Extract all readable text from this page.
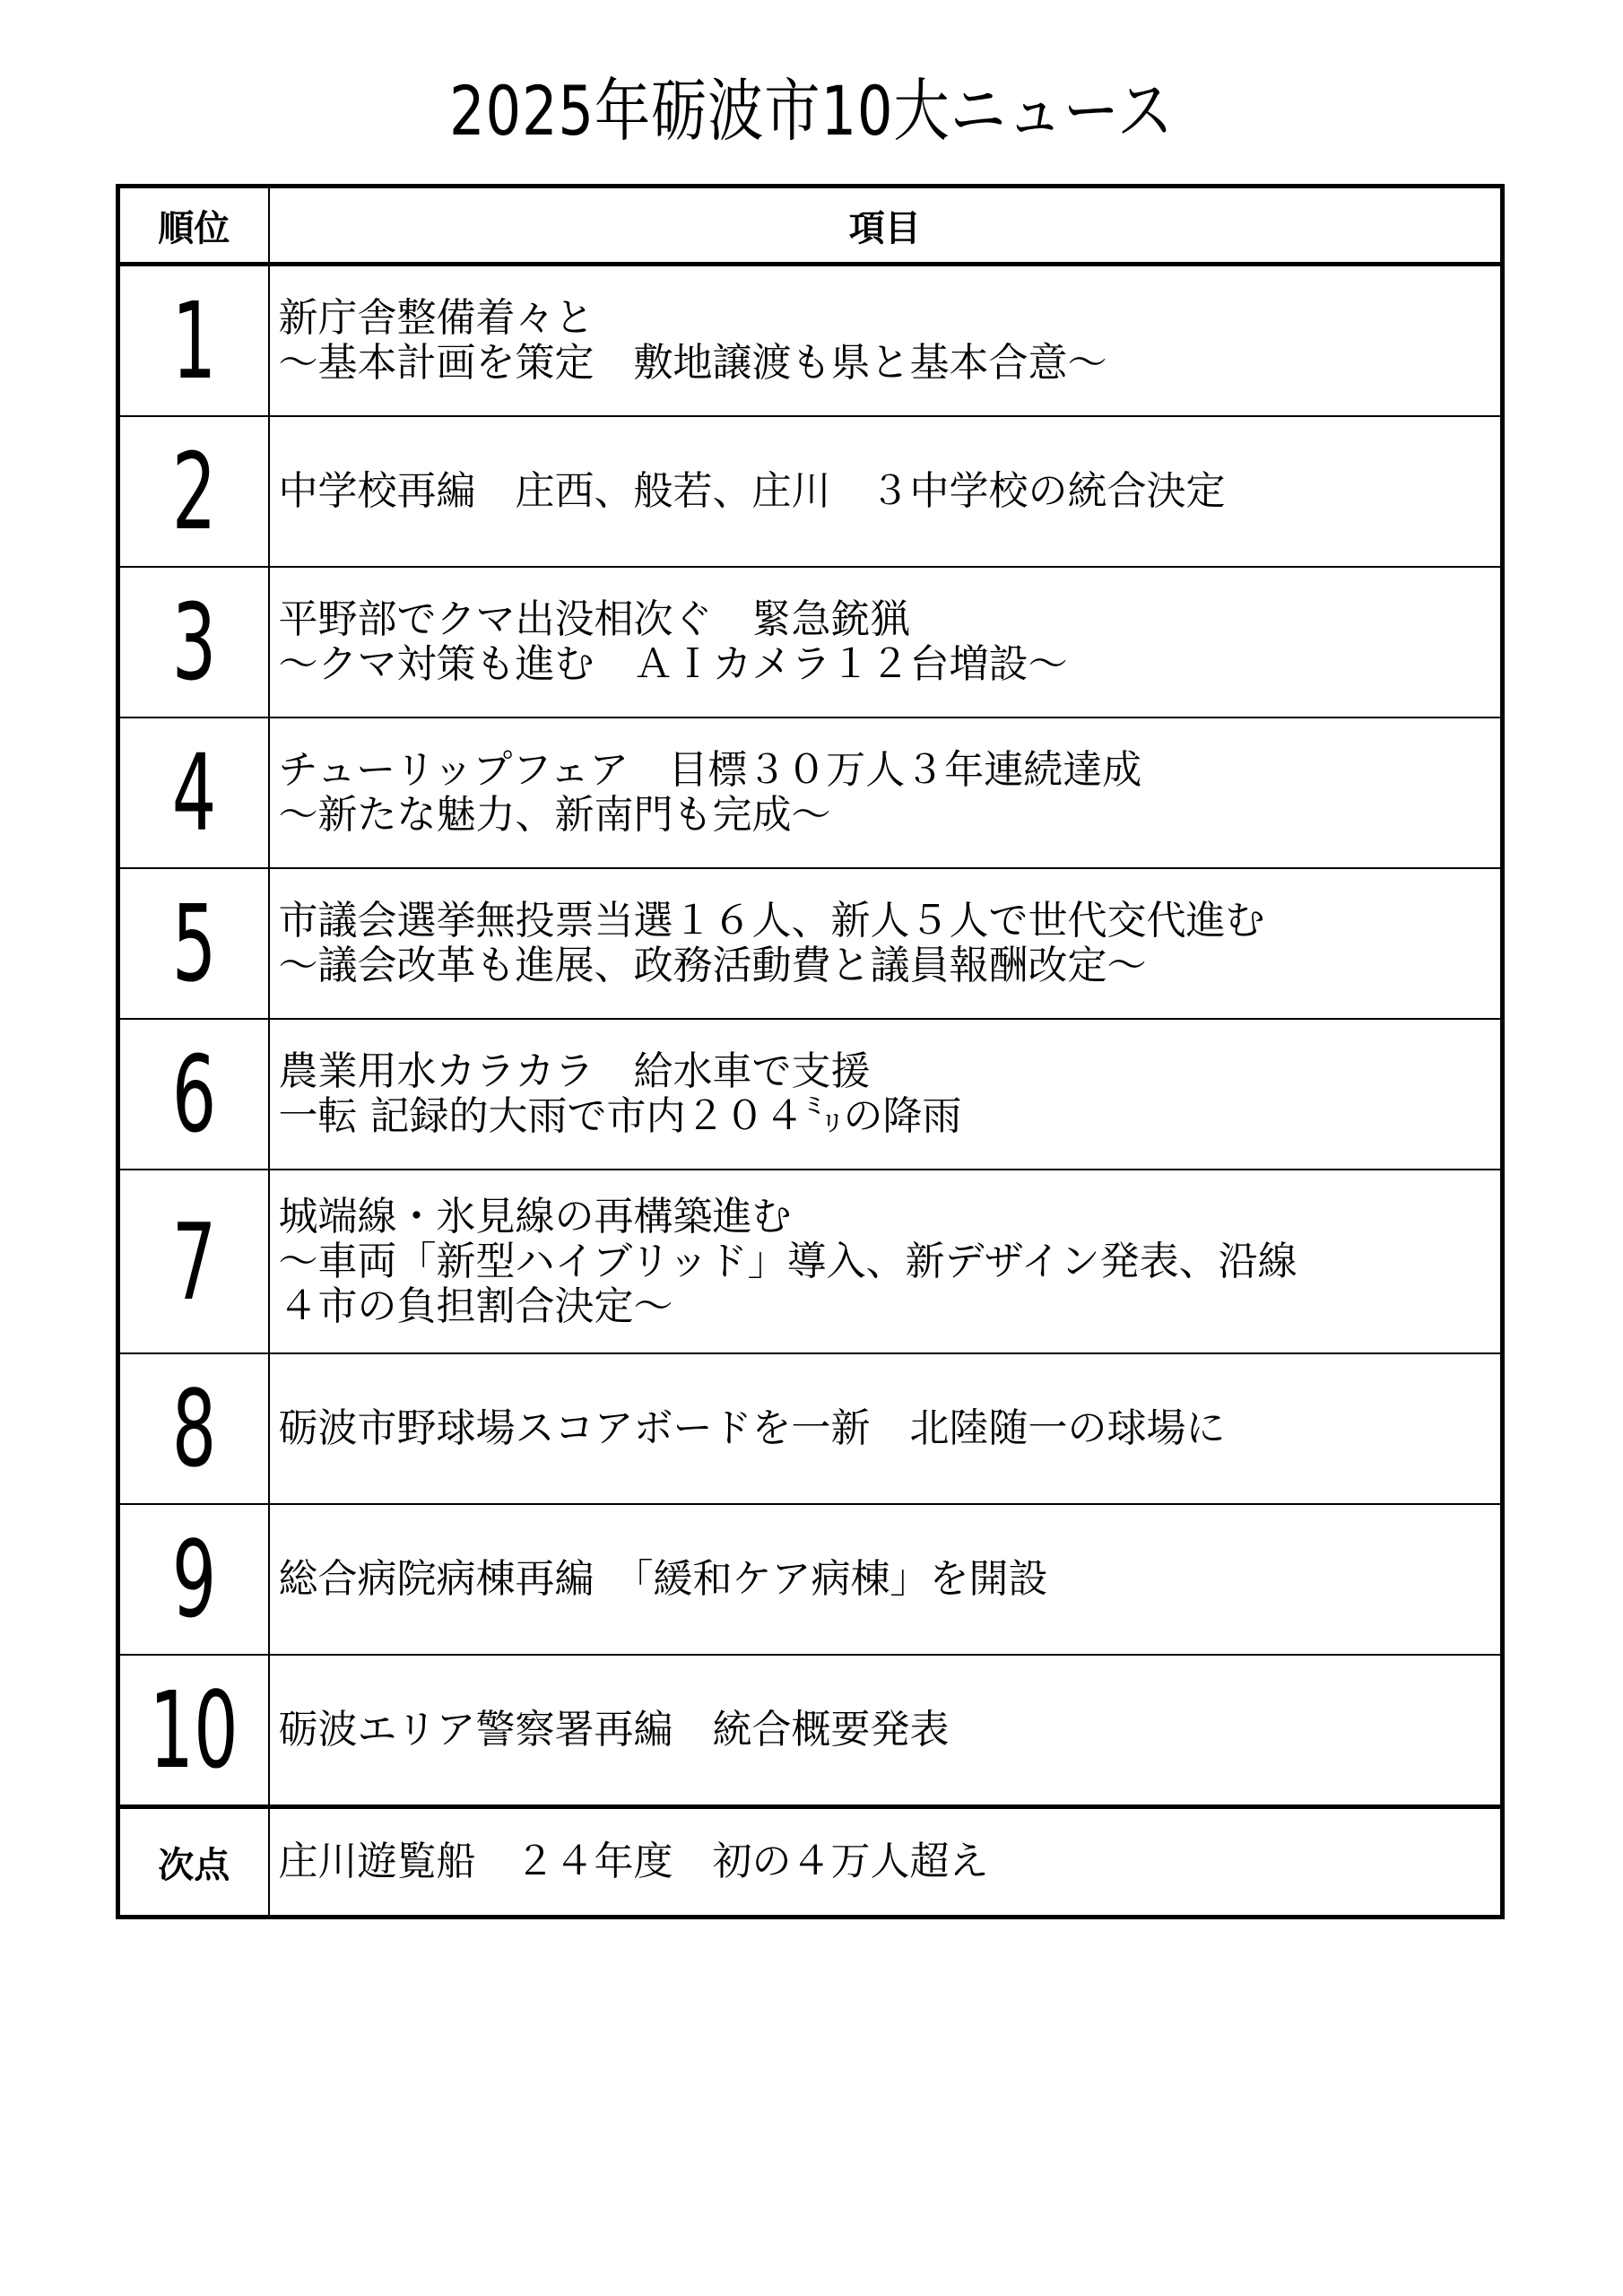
2025年砺波市10大ニュース
順位	項目
1	新庁舎整備着々と
～基本計画を策定　敷地譲渡も県と基本合意～

2	中学校再編　庄西、般若、庄川　３中学校の統合決定

3	平野部でクマ出没相次ぐ　緊急銃猟
～クマ対策も進む　ＡＩカメラ１２台増設～

4	チューリップフェア　目標３０万人３年連続達成
～新たな魅力、新南門も完成～

5	市議会選挙無投票当選１６人、新人５人で世代交代進む
～議会改革も進展、政務活動費と議員報酬改定～

6	農業用水カラカラ　給水車で支援
一転 記録的大雨で市内２０４㍉の降雨

7	城端線・氷見線の再構築進む
～車両「新型ハイブリッド」導入、新デザイン発表、沿線
４市の負担割合決定～

8	砺波市野球場スコアボードを一新　北陸随一の球場に

9	総合病院病棟再編　「緩和ケア病棟」を開設

10	砺波エリア警察署再編　統合概要発表

次点	庄川遊覧船　２４年度　初の４万人超え
